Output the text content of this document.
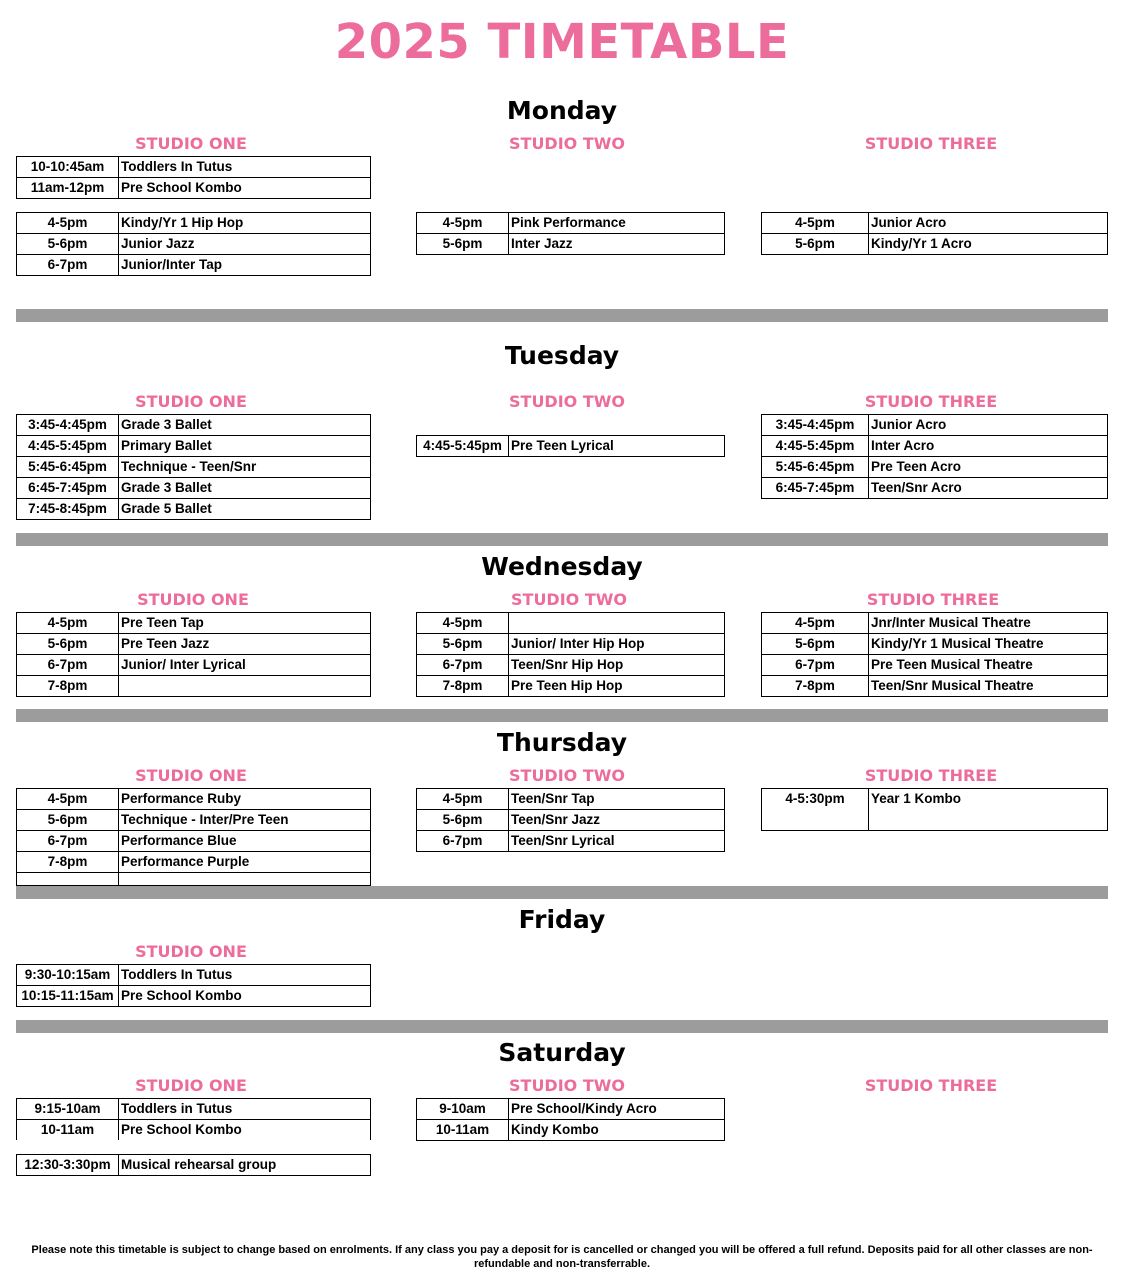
2025 TIMETABLE
Monday
STUDIO ONE	STUDIO TWO	STUDIO THREE
10-10:45am	Toddlers In Tutus
11am-12pm	Pre School Kombo
4-5pm	Kindy/Yr 1 Hip Hop
5-6pm	Junior Jazz
6-7pm	Junior/Inter Tap
4-5pm	Pink Performance
5-6pm	Inter Jazz
4-5pm	Junior Acro
5-6pm	Kindy/Yr 1 Acro
Tuesday
STUDIO ONE	STUDIO TWO	STUDIO THREE
3:45-4:45pm	Grade 3 Ballet
4:45-5:45pm	Primary Ballet
5:45-6:45pm	Technique - Teen/Snr
6:45-7:45pm	Grade 3 Ballet
7:45-8:45pm	Grade 5 Ballet
4:45-5:45pm	Pre Teen Lyrical
3:45-4:45pm	Junior Acro
4:45-5:45pm	Inter Acro
5:45-6:45pm	Pre Teen Acro
6:45-7:45pm	Teen/Snr Acro
Wednesday
STUDIO ONE	STUDIO TWO	STUDIO THREE
4-5pm	Pre Teen Tap
5-6pm	Pre Teen Jazz
6-7pm	Junior/ Inter Lyrical
7-8pm	
4-5pm	
5-6pm	Junior/ Inter Hip Hop
6-7pm	Teen/Snr Hip Hop
7-8pm	Pre Teen Hip Hop
4-5pm	Jnr/Inter Musical Theatre
5-6pm	Kindy/Yr 1 Musical Theatre
6-7pm	Pre Teen Musical Theatre
7-8pm	Teen/Snr Musical Theatre
Thursday
STUDIO ONE	STUDIO TWO	STUDIO THREE
4-5pm	Performance Ruby
5-6pm	Technique - Inter/Pre Teen
6-7pm	Performance Blue
7-8pm	Performance Purple

4-5pm	Teen/Snr Tap
5-6pm	Teen/Snr Jazz
6-7pm	Teen/Snr Lyrical
4-5:30pm	Year 1 Kombo
Friday
STUDIO ONE
9:30-10:15am	Toddlers In Tutus
10:15-11:15am	Pre School Kombo
Saturday
STUDIO ONE	STUDIO TWO	STUDIO THREE
9:15-10am	Toddlers in Tutus
10-11am	Pre School Kombo
12:30-3:30pm	Musical rehearsal group
9-10am	Pre School/Kindy Acro
10-11am	Kindy Kombo
Please note this timetable is subject to change based on enrolments. If any class you pay a deposit for is cancelled or changed you will be offered a full refund. Deposits paid for all other classes are non-refundable and non-transferrable.
